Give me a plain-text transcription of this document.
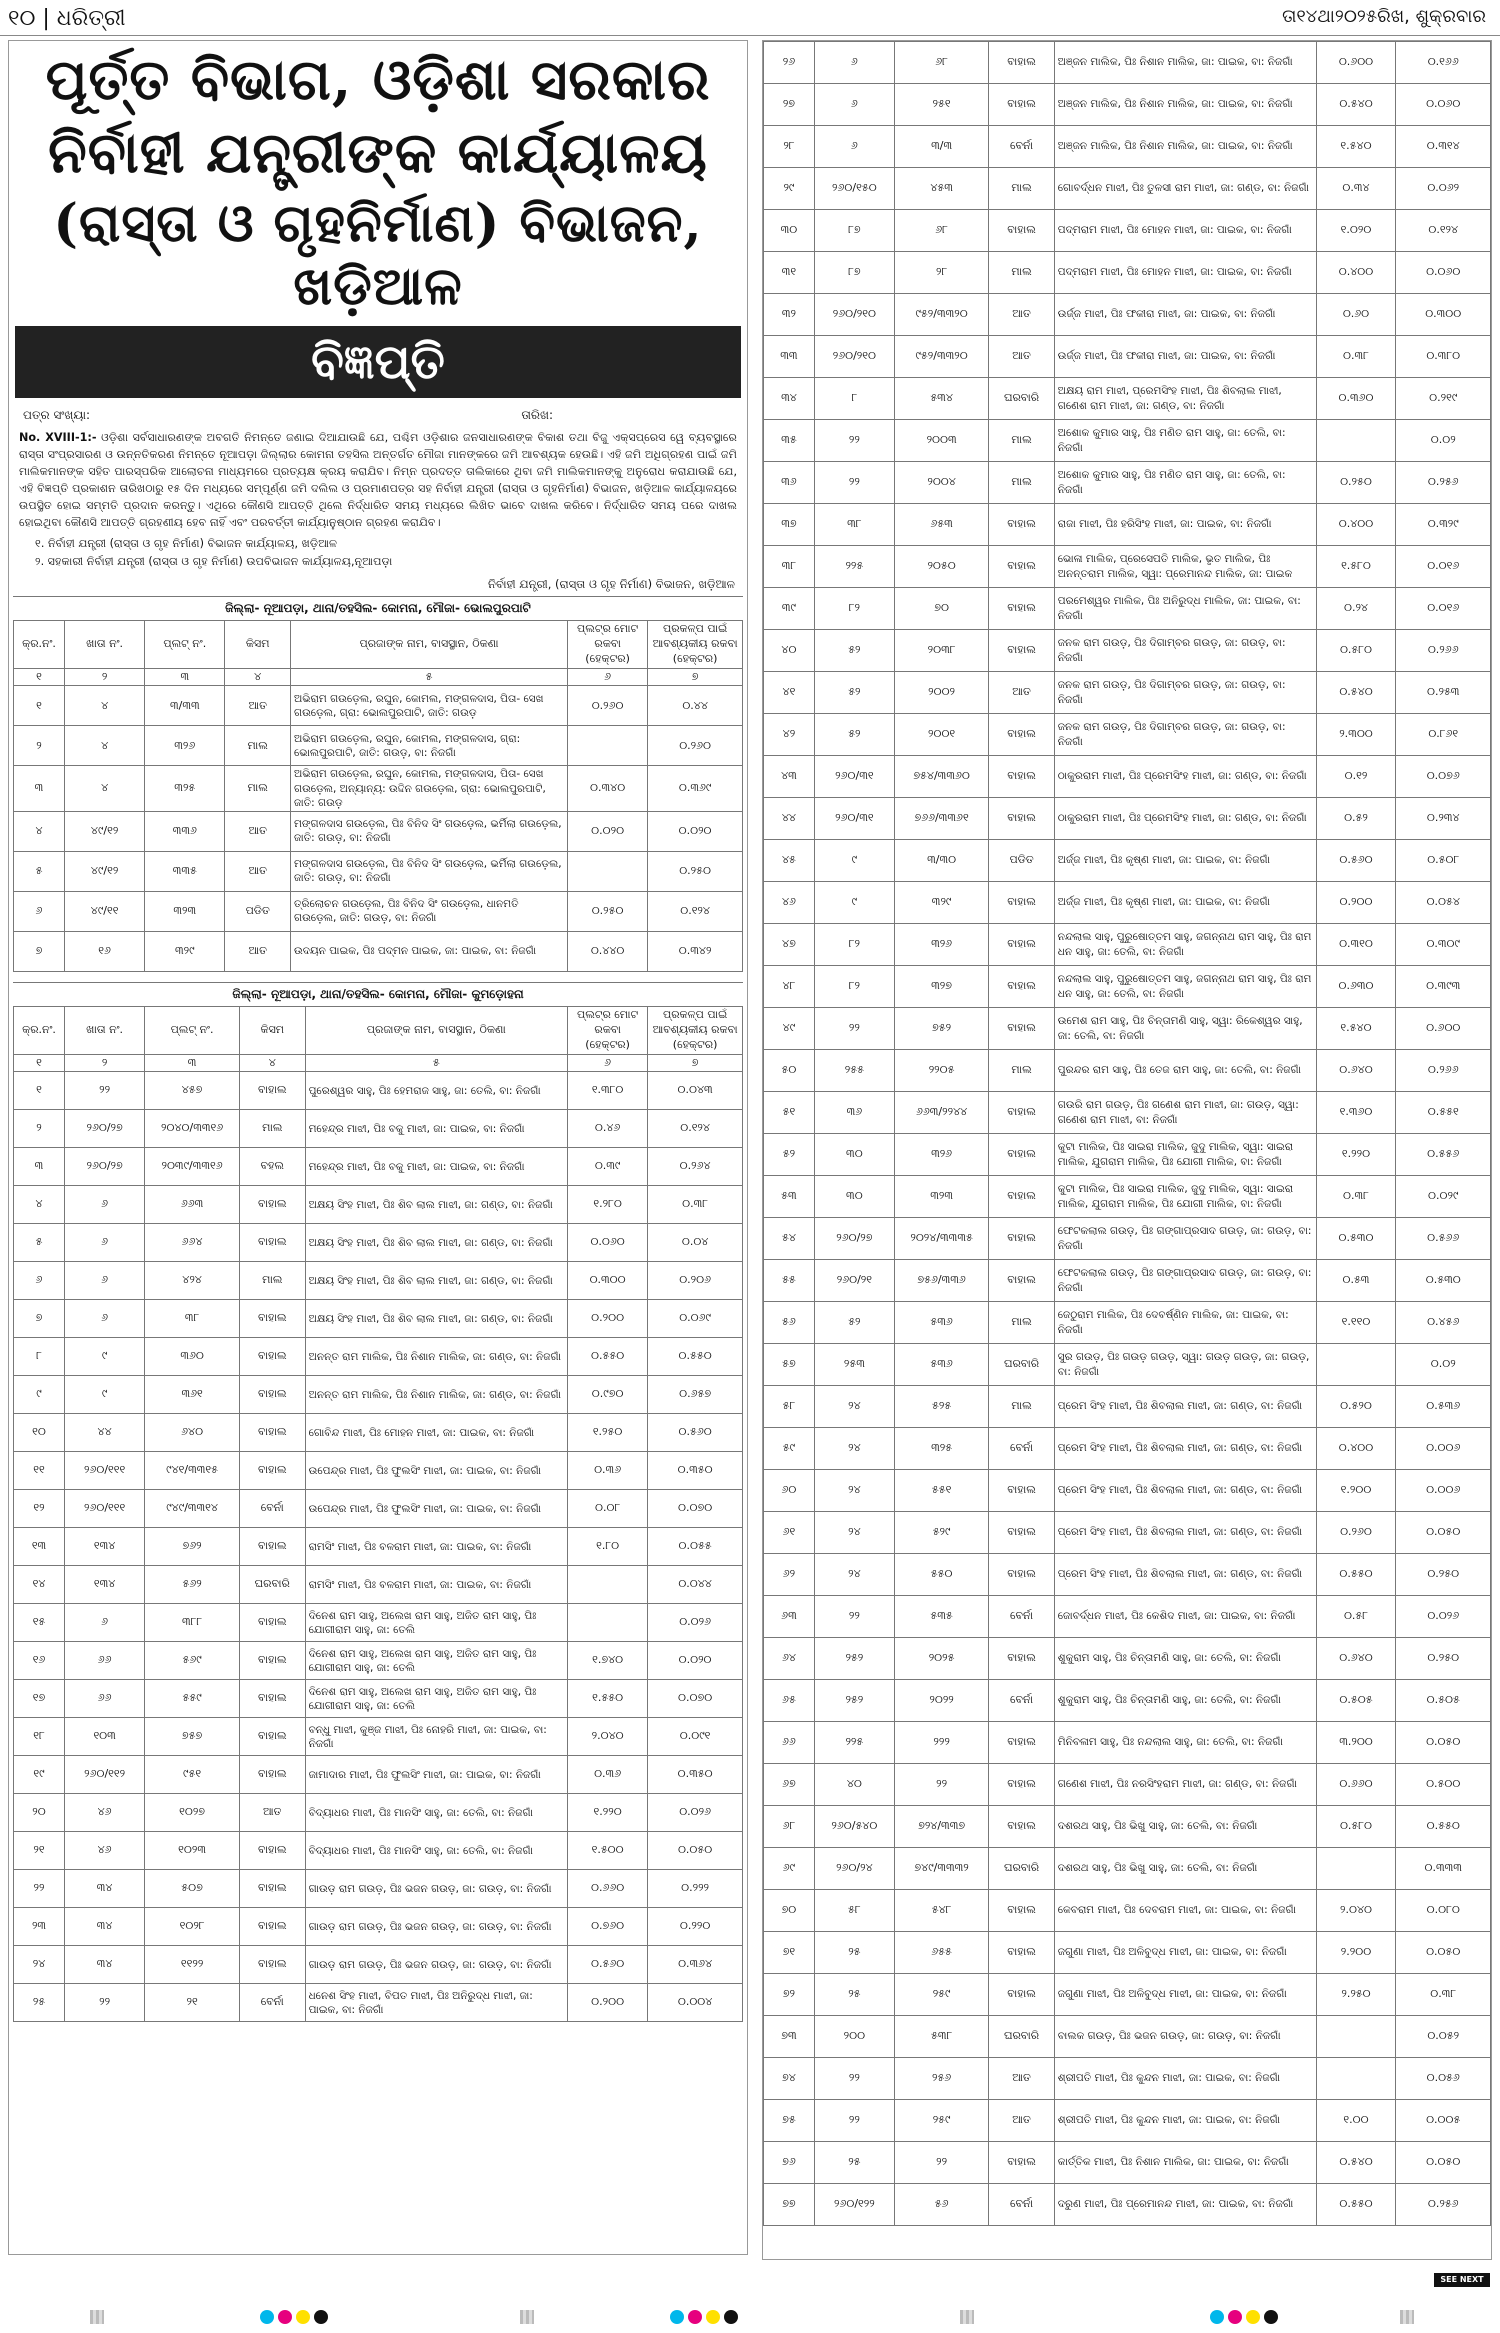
୧୦ | ଧରିତ୍ରୀ	ତା୧୪ଥା୨୦୨୫ରିଖ, ଶୁକ୍ରବାର
ପୂର୍ତ୍ତ ବିଭାଗ, ଓଡ଼ିଶା ସରକାର
ନିର୍ବାହୀ ଯନ୍ତ୍ରୀଙ୍କ କାର୍ଯ୍ୟାଳୟ
(ରାସ୍ତା ଓ ଗୃହନିର୍ମାଣ) ବିଭାଜନ, ଖଡ଼ିଆଳ
ବିଜ୍ଞପ୍ତି
ପତ୍ର ସଂଖ୍ୟା:	ତାରିଖ:
No. XVIII-1:- ଓଡ଼ିଶା ସର୍ବସାଧାରଣଙ୍କ ଅବଗତି ନିମନ୍ତେ ଜଣାଇ ଦିଆଯାଉଛି ଯେ, ପଶ୍ଚିମ ଓଡ଼ିଶାର ଜନସାଧାରଣଙ୍କ ବିକାଶ ତଥା ବିଜୁ ଏକ୍ସପ୍ରେସ ୱେ ବ୍ୟବସ୍ଥାରେ ରାସ୍ତା ସଂପ୍ରସାରଣ ଓ ଉନ୍ନତିକରଣ ନିମନ୍ତେ ନୂଆପଡ଼ା ଜିଲ୍ଲାର କୋମନା ତହସିଲ ଅନ୍ତର୍ଗତ ମୌଜା ମାନଙ୍କରେ ଜମି ଆବଶ୍ୟକ ହେଉଛି। ଏହି ଜମି ଅଧିଗ୍ରହଣ ପାଇଁ ଜମି ମାଲିକମାନଙ୍କ ସହିତ ପାରସ୍ପରିକ ଆଲୋଚନା ମାଧ୍ୟମରେ ପ୍ରତ୍ୟକ୍ଷ କ୍ରୟ କରାଯିବ। ନିମ୍ନ ପ୍ରଦତ୍ତ ତାଲିକାରେ ଥିବା ଜମି ମାଲିକମାନଙ୍କୁ ଅନୁରୋଧ କରାଯାଉଛି ଯେ, ଏହି ବିଜ୍ଞପ୍ତି ପ୍ରକାଶନ ତାରିଖଠାରୁ ୧୫ ଦିନ ମଧ୍ୟରେ ସମ୍ପୂର୍ଣ୍ଣ ଜମି ଦଲିଲ ଓ ପ୍ରମାଣପତ୍ର ସହ ନିର୍ବାହୀ ଯନ୍ତ୍ରୀ (ରାସ୍ତା ଓ ଗୃହନିର୍ମାଣ) ବିଭାଜନ, ଖଡ଼ିଆଳ କାର୍ଯ୍ୟାଳୟରେ ଉପସ୍ଥିତ ହୋଇ ସମ୍ମତି ପ୍ରଦାନ କରନ୍ତୁ। ଏଥିରେ କୌଣସି ଆପତ୍ତି ଥିଲେ ନିର୍ଦ୍ଧାରିତ ସମୟ ମଧ୍ୟରେ ଲିଖିତ ଭାବେ ଦାଖଲ କରିବେ। ନିର୍ଦ୍ଧାରିତ ସମୟ ପରେ ଦାଖଲ ହୋଇଥିବା କୌଣସି ଆପତ୍ତି ଗ୍ରହଣୀୟ ହେବ ନାହିଁ ଏବଂ ପରବର୍ତ୍ତୀ କାର୍ଯ୍ୟାନୁଷ୍ଠାନ ଗ୍ରହଣ କରାଯିବ।
୧. ନିର୍ବାହୀ ଯନ୍ତ୍ରୀ (ରାସ୍ତା ଓ ଗୃହ ନିର୍ମାଣ) ବିଭାଜନ କାର୍ଯ୍ୟାଳୟ, ଖଡ଼ିଆଳ
୨. ସହକାରୀ ନିର୍ବାହୀ ଯନ୍ତ୍ରୀ (ରାସ୍ତା ଓ ଗୃହ ନିର୍ମାଣ) ଉପବିଭାଜନ କାର୍ଯ୍ୟାଳୟ,ନୂଆପଡ଼ା
ନିର୍ବାହୀ ଯନ୍ତ୍ରୀ, (ରାସ୍ତା ଓ ଗୃହ ନିର୍ମାଣ) ବିଭାଜନ, ଖଡ଼ିଆଳ
ଜିଲ୍ଲା- ନୂଆପଡ଼ା, ଥାନା/ତହସିଲ- କୋମନା, ମୌଜା- ଭୋଲପୁରପାଟି
କ୍ର.ନଂ.	ଖାତା ନଂ.	ପ୍ଲଟ୍ ନଂ.	କିସମ	ପ୍ରଜାଙ୍କ ନାମ, ବାସସ୍ଥାନ, ଠିକଣା	ପ୍ଲଟ୍‌ର ମୋଟ ରକବା (ହେକ୍ଟର)	ପ୍ରକଳ୍ପ ପାଇଁ ଆବଶ୍ୟକୀୟ ରକବା (ହେକ୍ଟର)
୧	୨	୩	୪	୫	୬	୭
୧	୪	୩/୩୩	ଆତ	ଅଭିରାମ ଗଉଡ଼େଲ, ରଘୁନ, କୋମଲ, ମଙ୍ଗଳଦାସ, ପିତା- ସେଖ ଗଉଡ଼େଲ, ଗ୍ରା: ଭୋଲପୁରପାଟି, ଜାତି: ଗଉଡ଼	୦.୨୬୦	୦.୪୪
୨	୪	୩୨୬	ମାଲ	ଅଭିରାମ ଗଉଡ଼େଲ, ରଘୁନ, କୋମଲ, ମଙ୍ଗଳଦାସ, ଗ୍ରା: ଭୋଲପୁରପାଟି, ଜାତି: ଗଉଡ଼, ବା: ନିଜଗାଁ		୦.୨୬୦
୩	୪	୩୨୫	ମାଲ	ଅଭିରାମ ଗଉଡ଼େଲ, ରଘୁନ, କୋମଲ, ମଙ୍ଗଳଦାସ, ପିତା- ସେଖ ଗଉଡ଼େଲ, ଅନ୍ୟାନ୍ୟ: ଉଦ୍ଦିନ ଗଉଡ଼େଲ, ଗ୍ରା: ଭୋଲପୁରପାଟି, ଜାତି: ଗଉଡ଼	୦.୩୪୦	୦.୩୬୯
୪	୪୯/୧୨	୩୩୬	ଆତ	ମଙ୍ଗଳଦାସ ଗଉଡ଼େଲ, ପିଃ ବିନିଦ ସିଂ ଗଉଡ଼େଲ, ଭର୍ମିଲା ଗଉଡ଼େଲ, ଜାତି: ଗଉଡ଼, ବା: ନିଜଗାଁ	୦.୦୨୦	୦.୦୨୦
୫	୪୯/୧୨	୩୩୫	ଆତ	ମଙ୍ଗଳଦାସ ଗଉଡ଼େଲ, ପିଃ ବିନିଦ ସିଂ ଗଉଡ଼େଲ, ଭର୍ମିଲା ଗଉଡ଼େଲ, ଜାତି: ଗଉଡ଼, ବା: ନିଜଗାଁ		୦.୨୫୦
୬	୪୯/୧୧	୩୨୩	ପଡିତ	ତ୍ରିଲୋଚନ ଗଉଡ଼େଲ, ପିଃ ବିନିଦ ସିଂ ଗଉଡ଼େଲ, ଧାନମତି ଗଉଡ଼େଲ, ଜାତି: ଗଉଡ଼, ବା: ନିଜଗାଁ	୦.୨୫୦	୦.୧୨୪
୭	୧୬	୩୨୯	ଆତ	ଉଦୟନ ପାଇକ, ପିଃ ପଦ୍ମନ ପାଇକ, ଜା: ପାଇକ, ବା: ନିଜଗାଁ	୦.୪୪୦	୦.୩୪୨
ଜିଲ୍ଲା- ନୂଆପଡ଼ା, ଥାନା/ତହସିଲ- କୋମନା, ମୌଜା- କୁମଡ଼ୋହନା
କ୍ର.ନଂ.	ଖାତା ନଂ.	ପ୍ଲଟ୍ ନଂ.	କିସମ	ପ୍ରଜାଙ୍କ ନାମ, ବାସସ୍ଥାନ, ଠିକଣା	ପ୍ଲଟ୍‌ର ମୋଟ ରକବା (ହେକ୍ଟର)	ପ୍ରକଳ୍ପ ପାଇଁ ଆବଶ୍ୟକୀୟ ରକବା (ହେକ୍ଟର)
୧	୨	୩	୪	୫	୬	୭
୧	୨୨	୪୫୭	ବାହାଲ	ପୁରେଶ୍ୱର ସାହୁ, ପିଃ ହେମରାଜ ସାହୁ, ଜା: ତେଲି, ବା: ନିଜଗାଁ	୧.୩୮୦	୦.୦୪୩
୨	୨୬୦/୨୭	୨୦୪୦/୩୩୧୬	ମାଲ	ମହେନ୍ଦ୍ର ମାଝୀ, ପିଃ ବକୁ ମାଝୀ, ଜା: ପାଇକ, ବା: ନିଜଗାଁ	୦.୪୬	୦.୧୨୪
୩	୨୬୦/୨୭	୨୦୩୯/୩୩୧୬	ବହଲ	ମହେନ୍ଦ୍ର ମାଝୀ, ପିଃ ବକୁ ମାଝୀ, ଜା: ପାଇକ, ବା: ନିଜଗାଁ	୦.୩୯	୦.୨୬୪
୪	୬	୬୬୩	ବାହାଲ	ଅକ୍ଷୟ ସିଂହ ମାଝୀ, ପିଃ ଶିବ ଲାଲ ମାଝୀ, ଜା: ଗଣ୍ଡ, ବା: ନିଜଗାଁ	୧.୨୮୦	୦.୩୮
୫	୬	୬୬୪	ବାହାଲ	ଅକ୍ଷୟ ସିଂହ ମାଝୀ, ପିଃ ଶିବ ଲାଲ ମାଝୀ, ଜା: ଗଣ୍ଡ, ବା: ନିଜଗାଁ	୦.୦୬୦	୦.୦୪
୬	୬	୪୨୪	ମାଲ	ଅକ୍ଷୟ ସିଂହ ମାଝୀ, ପିଃ ଶିବ ଲାଲ ମାଝୀ, ଜା: ଗଣ୍ଡ, ବା: ନିଜଗାଁ	୦.୩୦୦	୦.୨୦୬
୭	୬	୩୮	ବାହାଲ	ଅକ୍ଷୟ ସିଂହ ମାଝୀ, ପିଃ ଶିବ ଲାଲ ମାଝୀ, ଜା: ଗଣ୍ଡ, ବା: ନିଜଗାଁ	୦.୨୦୦	୦.୦୬୯
୮	୯	୩୬୦	ବାହାଲ	ଅନନ୍ତ ରାମ ମାଲିକ, ପିଃ ନିଶାନ ମାଲିକ, ଜା: ଗଣ୍ଡ, ବା: ନିଜଗାଁ	୦.୫୫୦	୦.୫୫୦
୯	୯	୩୬୧	ବାହାଲ	ଅନନ୍ତ ରାମ ମାଲିକ, ପିଃ ନିଶାନ ମାଲିକ, ଜା: ଗଣ୍ଡ, ବା: ନିଜଗାଁ	୦.୯୭୦	୦.୬୫୭
୧୦	୪୪	୬୪୦	ବାହାଲ	ଗୋବିନ୍ଦ ମାଝୀ, ପିଃ ମୋହନ ମାଝୀ, ଜା: ପାଇକ, ବା: ନିଜଗାଁ	୧.୨୫୦	୦.୫୬୦
୧୧	୨୬୦/୧୧୧	୯୪୧/୩୩୧୫	ବାହାଲ	ଉପେନ୍ଦ୍ର ମାଝୀ, ପିଃ ଫୁଲସିଂ ମାଝୀ, ଜା: ପାଇକ, ବା: ନିଜଗାଁ	୦.୩୬	୦.୩୫୦
୧୨	୨୬୦/୧୧୧	୯୪୯/୩୩୧୪	ବେର୍ନା	ଉପେନ୍ଦ୍ର ମାଝୀ, ପିଃ ଫୁଲସିଂ ମାଝୀ, ଜା: ପାଇକ, ବା: ନିଜଗାଁ	୦.୦୮	୦.୦୭୦
୧୩	୧୩୪	୭୬୨	ବାହାଲ	ରାମସିଂ ମାଝୀ, ପିଃ ବଳରାମ ମାଝୀ, ଜା: ପାଇକ, ବା: ନିଜଗାଁ	୧.୮୦	୦.୦୫୫
୧୪	୧୩୪	୫୬୨	ଘରବାରି	ରାମସିଂ ମାଝୀ, ପିଃ ବଳରାମ ମାଝୀ, ଜା: ପାଇକ, ବା: ନିଜଗାଁ		୦.୦୪୪
୧୫	୬	୩୮୮	ବାହାଲ	ଦିନେଶ ରାମ ସାହୁ, ଅଲେଖ ରାମ ସାହୁ, ଅଜିତ ରାମ ସାହୁ, ପିଃ ଯୋଗୀରାମ ସାହୁ, ଜା: ତେଲି		୦.୦୨୬
୧୬	୬୬	୫୬୯	ବାହାଲ	ଦିନେଶ ରାମ ସାହୁ, ଅଲେଖ ରାମ ସାହୁ, ଅଜିତ ରାମ ସାହୁ, ପିଃ ଯୋଗୀରାମ ସାହୁ, ଜା: ତେଲି	୧.୭୪୦	୦.୦୨୦
୧୭	୬୬	୫୫୯	ବାହାଲ	ଦିନେଶ ରାମ ସାହୁ, ଅଲେଖ ରାମ ସାହୁ, ଅଜିତ ରାମ ସାହୁ, ପିଃ ଯୋଗୀରାମ ସାହୁ, ଜା: ତେଲି	୧.୫୫୦	୦.୦୭୦
୧୮	୧୦୩	୭୫୭	ବାହାଲ	ବନ୍ଧୁ ମାଝୀ, କୁଞ୍ଜ ମାଝୀ, ପିଃ ନୋହରି ମାଝୀ, ଜା: ପାଇକ, ବା: ନିଜଗାଁ	୨.୦୪୦	୦.୦୯୧
୧୯	୨୬୦/୧୧୨	୯୫୧	ବାହାଲ	ଜାମାଦାର ମାଝୀ, ପିଃ ଫୁଲସିଂ ମାଝୀ, ଜା: ପାଇକ, ବା: ନିଜଗାଁ	୦.୩୬	୦.୩୫୦
୨୦	୪୬	୧୦୨୭	ଆତ	ବିଦ୍ୟାଧର ମାଝୀ, ପିଃ ମାନସିଂ ସାହୁ, ଜା: ତେଲି, ବା: ନିଜଗାଁ	୧.୨୨୦	୦.୦୨୬
୨୧	୪୬	୧୦୨୩	ବାହାଲ	ବିଦ୍ୟାଧର ମାଝୀ, ପିଃ ମାନସିଂ ସାହୁ, ଜା: ତେଲି, ବା: ନିଜଗାଁ	୧.୫୦୦	୦.୦୫୦
୨୨	୩୪	୫୦୭	ବାହାଲ	ଗାଉଡ଼ ରାମ ଗଉଡ଼, ପିଃ ଭଜନ ଗଉଡ଼, ଜା: ଗଉଡ଼, ବା: ନିଜଗାଁ	୦.୬୬୦	୦.୨୨୨
୨୩	୩୪	୧୦୨୮	ବାହାଲ	ଗାଉଡ଼ ରାମ ଗଉଡ଼, ପିଃ ଭଜନ ଗଉଡ଼, ଜା: ଗଉଡ଼, ବା: ନିଜଗାଁ	୦.୭୬୦	୦.୨୨୦
୨୪	୩୪	୧୧୨୨	ବାହାଲ	ଗାଉଡ଼ ରାମ ଗଉଡ଼, ପିଃ ଭଜନ ଗଉଡ଼, ଜା: ଗଉଡ଼, ବା: ନିଜଗାଁ	୦.୫୬୦	୦.୩୬୪
୨୫	୨୨	୨୧	ବେର୍ନା	ଧନେଶ ସିଂହ ମାଝୀ, ବିପତ ମାଝୀ, ପିଃ ଅନିରୁଦ୍ଧ ମାଝୀ, ଜା: ପାଇକ, ବା: ନିଜଗାଁ	୦.୨୦୦	୦.୦୦୪
୨୬	୬	୬୮	ବାହାଲ	ଅଞ୍ଜନ ମାଲିକ, ପିଃ ନିଶାନ ମାଲିକ, ଜା: ପାଇକ, ବା: ନିଜଗାଁ	୦.୬୦୦	୦.୧୬୬
୨୭	୬	୨୫୧	ବାହାଲ	ଅଞ୍ଜନ ମାଲିକ, ପିଃ ନିଶାନ ମାଲିକ, ଜା: ପାଇକ, ବା: ନିଜଗାଁ	୦.୫୪୦	୦.୦୬୦
୨୮	୬	୩/୩	ବେର୍ନା	ଅଞ୍ଜନ ମାଲିକ, ପିଃ ନିଶାନ ମାଲିକ, ଜା: ପାଇକ, ବା: ନିଜଗାଁ	୧.୫୪୦	୦.୩୧୪
୨୯	୨୬୦/୧୫୦	୪୫୩	ମାଲ	ଗୋବର୍ଦ୍ଧନ ମାଝୀ, ପିଃ ତୁଳସୀ ରାମ ମାଝୀ, ଜା: ଗଣ୍ଡ, ବା: ନିଜଗାଁ	୦.୩୪	୦.୦୬୨
୩୦	୮୭	୬୮	ବାହାଲ	ପଦ୍ମରାମ ମାଝୀ, ପିଃ ମୋହନ ମାଝୀ, ଜା: ପାଇକ, ବା: ନିଜଗାଁ	୧.୦୨୦	୦.୧୨୪
୩୧	୮୭	୨୮	ମାଲ	ପଦ୍ମରାମ ମାଝୀ, ପିଃ ମୋହନ ମାଝୀ, ଜା: ପାଇକ, ବା: ନିଜଗାଁ	୦.୪୦୦	୦.୦୬୦
୩୨	୨୬୦/୨୧୦	୯୫୨/୩୩୨୦	ଆତ	ଉର୍ଜ୍ଜ ମାଝୀ, ପିଃ ଫକୀରା ମାଝୀ, ଜା: ପାଇକ, ବା: ନିଜଗାଁ	୦.୬୦	୦.୩୦୦
୩୩	୨୬୦/୨୧୦	୯୫୨/୩୩୨୦	ଆତ	ଉର୍ଜ୍ଜ ମାଝୀ, ପିଃ ଫକୀରା ମାଝୀ, ଜା: ପାଇକ, ବା: ନିଜଗାଁ	୦.୩୮	୦.୩୮୦
୩୪	୮	୫୩୪	ଘରବାରି	ଅକ୍ଷୟ ରାମ ମାଝୀ, ପ୍ରେମସିଂହ ମାଝୀ, ପିଃ ଶିବଲାଲ ମାଝୀ, ଗଣେଶ ରାମ ମାଝୀ, ଜା: ଗଣ୍ଡ, ବା: ନିଜଗାଁ	୦.୩୬୦	୦.୨୧୯
୩୫	୨୨	୨୦୦୩	ମାଲ	ଅଶୋକ କୁମାର ସାହୁ, ପିଃ ମଣିତ ରାମ ସାହୁ, ଜା: ତେଲି, ବା: ନିଜଗାଁ		୦.୦୨
୩୬	୨୨	୨୦୦୪	ମାଲ	ଅଶୋକ କୁମାର ସାହୁ, ପିଃ ମଣିତ ରାମ ସାହୁ, ଜା: ତେଲି, ବା: ନିଜଗାଁ	୦.୨୫୦	୦.୨୫୬
୩୭	୩୮	୬୫୩	ବାହାଲ	ରାଜା ମାଝୀ, ପିଃ ହରିସିଂହ ମାଝୀ, ଜା: ପାଇକ, ବା: ନିଜଗାଁ	୦.୪୦୦	୦.୩୨୯
୩୮	୨୨୫	୨୦୫୦	ବାହାଲ	ଭୋଳା ମାଲିକ, ପ୍ରେସେପତି ମାଲିକ, ଭୃତ ମାଲିକ, ପିଃ ଅନନ୍ତରାମ ମାଲିକ, ସ୍ୱା: ପ୍ରେମାନନ୍ଦ ମାଲିକ, ଜା: ପାଇକ	୧.୫୮୦	୦.୦୧୬
୩୯	୮୨	୭୦	ବାହାଲ	ପରମେଶ୍ୱର ମାଲିକ, ପିଃ ଅନିରୁଦ୍ଧ ମାଲିକ, ଜା: ପାଇକ, ବା: ନିଜଗାଁ	୦.୨୪	୦.୦୧୬
୪୦	୫୨	୨୦୩୮	ବାହାଲ	ଜନକ ରାମ ଗଉଡ଼, ପିଃ ଦିଗାମ୍ବର ଗଉଡ଼, ଜା: ଗଉଡ଼, ବା: ନିଜଗାଁ	୦.୫୮୦	୦.୨୬୬
୪୧	୫୨	୨୦୦୨	ଆତ	ଜନକ ରାମ ଗଉଡ଼, ପିଃ ଦିଗାମ୍ବର ଗଉଡ଼, ଜା: ଗଉଡ଼, ବା: ନିଜଗାଁ	୦.୫୪୦	୦.୨୫୩
୪୨	୫୨	୨୦୦୧	ବାହାଲ	ଜନକ ରାମ ଗଉଡ଼, ପିଃ ଦିଗାମ୍ବର ଗଉଡ଼, ଜା: ଗଉଡ଼, ବା: ନିଜଗାଁ	୨.୩୦୦	୦.୮୬୧
୪୩	୨୬୦/୩୧	୭୫୪/୩୩୬୦	ବାହାଲ	ଠାକୁରରାମ ମାଝୀ, ପିଃ ପ୍ରେମସିଂହ ମାଝୀ, ଜା: ଗଣ୍ଡ, ବା: ନିଜଗାଁ	୦.୧୨	୦.୦୭୬
୪୪	୨୬୦/୩୧	୭୬୬/୩୩୬୧	ବାହାଲ	ଠାକୁରରାମ ମାଝୀ, ପିଃ ପ୍ରେମସିଂହ ମାଝୀ, ଜା: ଗଣ୍ଡ, ବା: ନିଜଗାଁ	୦.୫୨	୦.୨୩୪
୪୫	୯	୩/୩୦	ପଡିତ	ଅର୍ଜ୍ଜ ମାଝୀ, ପିଃ କୃଷ୍ଣ ମାଝୀ, ଜା: ପାଇକ, ବା: ନିଜଗାଁ	୦.୫୬୦	୦.୫୦୮
୪୬	୯	୩୨୯	ବାହାଲ	ଅର୍ଜ୍ଜ ମାଝୀ, ପିଃ କୃଷ୍ଣ ମାଝୀ, ଜା: ପାଇକ, ବା: ନିଜଗାଁ	୦.୨୦୦	୦.୦୫୪
୪୭	୮୨	୩୨୬	ବାହାଲ	ନନ୍ଦଲାଲ ସାହୁ, ପୁରୁଷୋତ୍ତମ ସାହୁ, ଜଗନ୍ନାଥ ରାମ ସାହୁ, ପିଃ ରାମ ଧନ ସାହୁ, ଜା: ତେଲି, ବା: ନିଜଗାଁ	୦.୩୧୦	୦.୩୦୯
୪୮	୮୨	୩୨୭	ବାହାଲ	ନନ୍ଦଲାଲ ସାହୁ, ପୁରୁଷୋତ୍ତମ ସାହୁ, ଜଗନ୍ନାଥ ରାମ ସାହୁ, ପିଃ ରାମ ଧନ ସାହୁ, ଜା: ତେଲି, ବା: ନିଜଗାଁ	୦.୬୩୦	୦.୩୯୩
୪୯	୨୨	୭୫୨	ବାହାଲ	ଉମେଶ ରାମ ସାହୁ, ପିଃ ଚିନ୍ତାମଣି ସାହୁ, ସ୍ୱା: ରିକେଶ୍ୱର ସାହୁ, ଜା: ତେଲି, ବା: ନିଜଗାଁ	୧.୫୪୦	୦.୬୦୦
୫୦	୨୫୫	୨୨୦୫	ମାଲ	ପୁରନ୍ଦର ରାମ ସାହୁ, ପିଃ ତେଜ ରାମ ସାହୁ, ଜା: ତେଲି, ବା: ନିଜଗାଁ	୦.୬୪୦	୦.୨୬୬
୫୧	୩୬	୬୬୩/୨୨୪୪	ବାହାଲ	ଗଉରି ରାମ ଗଉଡ଼, ପିଃ ଗଣେଶ ରାମ ମାଝୀ, ଜା: ଗଉଡ଼, ସ୍ୱା: ଗଣେଶ ରାମ ମାଝୀ, ବା: ନିଜଗାଁ	୧.୩୬୦	୦.୫୫୧
୫୨	୩୦	୩୨୬	ବାହାଲ	କୁଟା ମାଲିକ, ପିଃ ସାଇରା ମାଲିକ, ଜୁଦୁ ମାଲିକ, ସ୍ୱା: ସାଇରା ମାଲିକ, ଯୁଗରାମ ମାଲିକ, ପିଃ ଯୋଗୀ ମାଲିକ, ବା: ନିଜଗାଁ	୧.୨୨୦	୦.୫୫୬
୫୩	୩୦	୩୨୩	ବାହାଲ	କୁଟା ମାଲିକ, ପିଃ ସାଇରା ମାଲିକ, ଜୁଦୁ ମାଲିକ, ସ୍ୱା: ସାଇରା ମାଲିକ, ଯୁଗରାମ ମାଲିକ, ପିଃ ଯୋଗୀ ମାଲିକ, ବା: ନିଜଗାଁ	୦.୩୮	୦.୦୨୯
୫୪	୨୬୦/୨୭	୨୦୨୪/୩୩୩୫	ବାହାଲ	ଫେଟକଲାଲ ଗଉଡ଼, ପିଃ ଗଙ୍ଗାପ୍ରସାଦ ଗଉଡ଼, ଜା: ଗଉଡ଼, ବା: ନିଜଗାଁ	୦.୫୩୦	୦.୫୬୬
୫୫	୨୬୦/୨୧	୭୫୬/୩୩୬	ବାହାଲ	ଫେଟକଲାଲ ଗଉଡ଼, ପିଃ ଗଙ୍ଗାପ୍ରସାଦ ଗଉଡ଼, ଜା: ଗଉଡ଼, ବା: ନିଜଗାଁ	୦.୫୩	୦.୫୩୦
୫୬	୫୨	୫୩୬	ମାଲ	ଜେଠୁରାମ ମାଲିକ, ପିଃ ଦେବର୍ଷ୍ଣିନ ମାଲିକ, ଜା: ପାଇକ, ବା: ନିଜଗାଁ	୧.୧୧୦	୦.୪୫୬
୫୭	୨୫୩	୫୩୬	ଘରବାରି	ସୁର ଗଉଡ଼, ପିଃ ଗଉଡ଼ ଗଉଡ଼, ସ୍ୱା: ଗଉଡ଼ ଗଉଡ଼, ଜା: ଗଉଡ଼, ବା: ନିଜଗାଁ		୦.୦୨
୫୮	୨୪	୫୨୫	ମାଲ	ପ୍ରେମ ସିଂହ ମାଝୀ, ପିଃ ଶିବଲାଲ ମାଝୀ, ଜା: ଗଣ୍ଡ, ବା: ନିଜଗାଁ	୦.୫୨୦	୦.୫୩୬
୫୯	୨୪	୩୨୫	ବେର୍ନା	ପ୍ରେମ ସିଂହ ମାଝୀ, ପିଃ ଶିବଲାଲ ମାଝୀ, ଜା: ଗଣ୍ଡ, ବା: ନିଜଗାଁ	୦.୪୦୦	୦.୦୦୬
୬୦	୨୪	୫୫୧	ବାହାଲ	ପ୍ରେମ ସିଂହ ମାଝୀ, ପିଃ ଶିବଲାଲ ମାଝୀ, ଜା: ଗଣ୍ଡ, ବା: ନିଜଗାଁ	୧.୨୦୦	୦.୦୦୬
୬୧	୨୪	୫୨୯	ବାହାଲ	ପ୍ରେମ ସିଂହ ମାଝୀ, ପିଃ ଶିବଲାଲ ମାଝୀ, ଜା: ଗଣ୍ଡ, ବା: ନିଜଗାଁ	୦.୨୬୦	୦.୦୫୦
୬୨	୨୪	୫୫୦	ବାହାଲ	ପ୍ରେମ ସିଂହ ମାଝୀ, ପିଃ ଶିବଲାଲ ମାଝୀ, ଜା: ଗଣ୍ଡ, ବା: ନିଜଗାଁ	୦.୫୫୦	୦.୨୫୦
୬୩	୨୨	୫୩୫	ବେର୍ନା	ଜୋବର୍ଦ୍ଧନ ମାଝୀ, ପିଃ କେଶିଦ ମାଝୀ, ଜା: ପାଇକ, ବା: ନିଜଗାଁ	୦.୫୮	୦.୦୨୬
୬୪	୨୫୨	୨୦୨୫	ବାହାଲ	ଶୁକୁରାମ ସାହୁ, ପିଃ ଚିନ୍ତାମଣି ସାହୁ, ଜା: ତେଲି, ବା: ନିଜଗାଁ	୦.୬୪୦	୦.୨୫୦
୬୫	୨୫୨	୨୦୨୨	ବେର୍ନା	ଶୁକୁରାମ ସାହୁ, ପିଃ ଚିନ୍ତାମଣି ସାହୁ, ଜା: ତେଲି, ବା: ନିଜଗାଁ	୦.୫୦୫	୦.୫୦୫
୬୬	୨୨୫	୨୨୨	ବାହାଲ	ମିନିବଳାମ ସାହୁ, ପିଃ ନନ୍ଦଲାଲ ସାହୁ, ଜା: ତେଲି, ବା: ନିଜଗାଁ	୩.୨୦୦	୦.୦୫୦
୬୭	୪୦	୨୨	ବାହାଲ	ଗଣେଶ ମାଝୀ, ପିଃ ନରସିଂହରାମ ମାଝୀ, ଜା: ଗଣ୍ଡ, ବା: ନିଜଗାଁ	୦.୬୬୦	୦.୫୦୦
୬୮	୨୬୦/୫୪୦	୭୨୪/୩୩୭	ବାହାଲ	ଦଶରଥ ସାହୁ, ପିଃ ଭିଖୁ ସାହୁ, ଜା: ତେଲି, ବା: ନିଜଗାଁ	୦.୫୮୦	୦.୫୫୦
୬୯	୨୬୦/୨୪	୭୪୯/୩୩୩୨	ଘରବାରି	ଦଶରଥ ସାହୁ, ପିଃ ଭିଖୁ ସାହୁ, ଜା: ତେଲି, ବା: ନିଜଗାଁ		୦.୩୩୩
୭୦	୫୮	୫୪୮	ବାହାଲ	କେବରାମ ମାଝୀ, ପିଃ ଦେବରାମ ମାଝୀ, ଜା: ପାଇକ, ବା: ନିଜଗାଁ	୨.୦୪୦	୦.୦୮୦
୭୧	୨୫	୬୫୫	ବାହାଲ	ଜଗୁଣା ମାଝୀ, ପିଃ ଅଳିବୁଦ୍ଧ ମାଝୀ, ଜା: ପାଇକ, ବା: ନିଜଗାଁ	୨.୨୦୦	୦.୦୫୦
୭୨	୨୫	୨୫୯	ବାହାଲ	ଜଗୁଣା ମାଝୀ, ପିଃ ଅଳିବୁଦ୍ଧ ମାଝୀ, ଜା: ପାଇକ, ବା: ନିଜଗାଁ	୨.୨୫୦	୦.୩୮
୭୩	୨୦୦	୫୩୮	ଘରବାରି	ବାଲକ ଗଉଡ଼, ପିଃ ଭଜନ ଗଉଡ଼, ଜା: ଗଉଡ଼, ବା: ନିଜଗାଁ		୦.୦୫୨
୭୪	୨୨	୨୫୬	ଆତ	ଶ୍ରୀପତି ମାଝୀ, ପିଃ କୁନ୍ଦନ ମାଝୀ, ଜା: ପାଇକ, ବା: ନିଜଗାଁ		୦.୦୫୬
୭୫	୨୨	୨୫୯	ଆତ	ଶ୍ରୀପତି ମାଝୀ, ପିଃ କୁନ୍ଦନ ମାଝୀ, ଜା: ପାଇକ, ବା: ନିଜଗାଁ	୧.୦୦	୦.୦୦୫
୭୬	୨୫	୨୨	ବାହାଲ	କାର୍ତ୍ତିକ ମାଝୀ, ପିଃ ନିଶାନ ମାଲିକ, ଜା: ପାଇକ, ବା: ନିଜଗାଁ	୦.୫୪୦	୦.୦୫୦
୭୭	୨୬୦/୧୨୨	୫୬	ବେର୍ନା	ଦରୁଣ ମାଝୀ, ପିଃ ପ୍ରେମାନନ୍ଦ ମାଝୀ, ଜା: ପାଇକ, ବା: ନିଜଗାଁ	୦.୫୫୦	୦.୨୫୬
SEE NEXT
